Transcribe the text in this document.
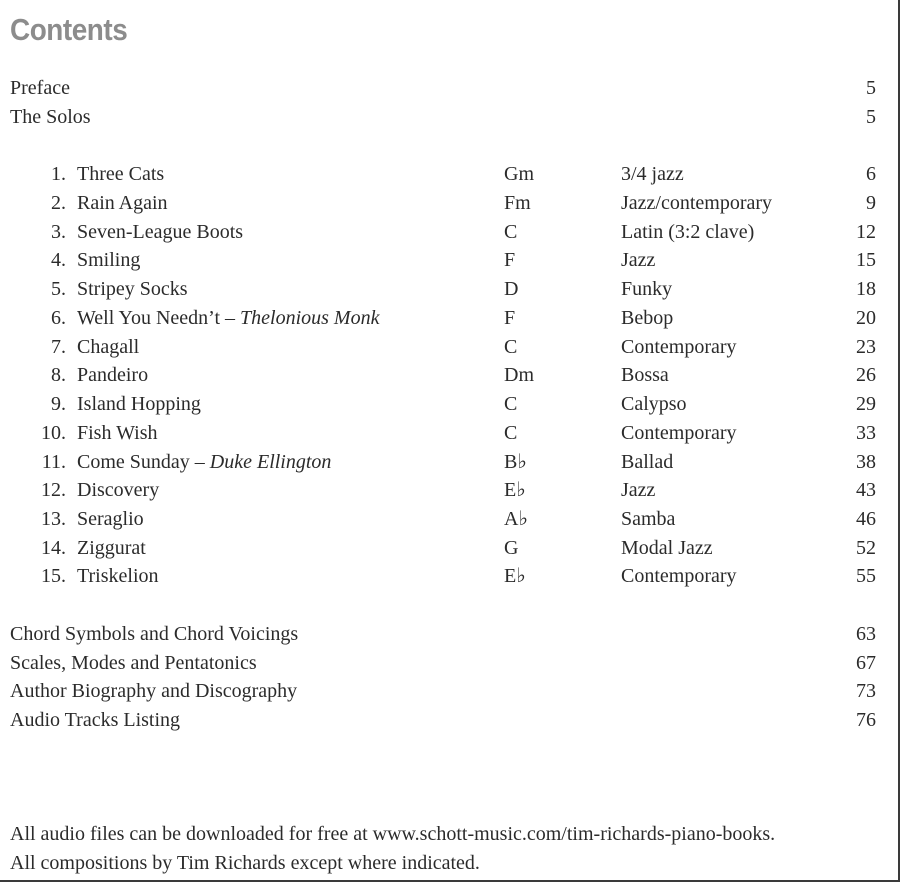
Contents
Preface	5
The Solos	5
1. Three Cats	Gm	3/4 jazz	6
2. Rain Again	Fm	Jazz/contemporary	9
3. Seven-League Boots	C	Latin (3:2 clave)	12
4. Smiling	F	Jazz	15
5. Stripey Socks	D	Funky	18
6. Well You Needn’t – Thelonious Monk	F	Bebop	20
7. Chagall	C	Contemporary	23
8. Pandeiro	Dm	Bossa	26
9. Island Hopping	C	Calypso	29
10. Fish Wish	C	Contemporary	33
11. Come Sunday – Duke Ellington	B♭	Ballad	38
12. Discovery	E♭	Jazz	43
13. Seraglio	A♭	Samba	46
14. Ziggurat	G	Modal Jazz	52
15. Triskelion	E♭	Contemporary	55
Chord Symbols and Chord Voicings	63
Scales, Modes and Pentatonics	67
Author Biography and Discography	73
Audio Tracks Listing	76
All audio files can be downloaded for free at www.schott-music.com/tim-richards-piano-books.
All compositions by Tim Richards except where indicated.
